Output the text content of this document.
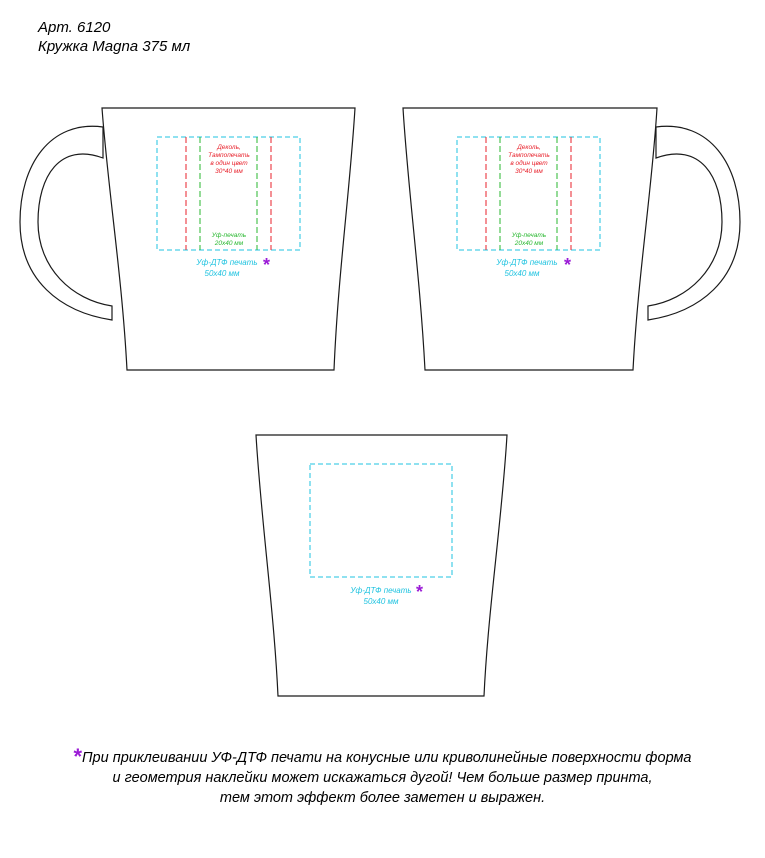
Арт. 6120
Кружка Magna 375 мл
Деколь,
Тампопечать
в один цвет
30*40 мм
Уф-печать
20х40 мм
Уф-ДТФ печать *
50х40 мм
Деколь,
Тампопечать
в один цвет
30*40 мм
Уф-печать
20х40 мм
Уф-ДТФ печать *
50х40 мм
Уф-ДТФ печать *
50х40 мм
*При приклеивании УФ-ДТФ печати на конусные или криволинейные поверхности форма
и геометрия наклейки может искажаться дугой! Чем больше размер принта,
тем этот эффект более заметен и выражен.
